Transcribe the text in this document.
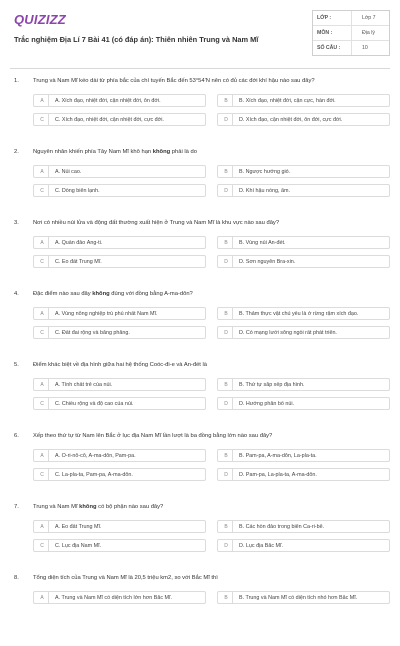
QUIZIZZ
Trắc nghiệm Địa Lí 7 Bài 41 (có đáp án): Thiên nhiên Trung và Nam Mĩ
LỚP :	Lớp 7
MÔN :	Địa lý
SỐ CÂU :	10
1. Trung và Nam Mĩ kéo dài từ phía bắc của chí tuyến Bắc đến 53°54'N nên có đủ các đới khí hậu nào sau đây?
A	A. Xích đạo, nhiệt đới, cận nhiệt đới, ôn đới.	B	B. Xích đạo, nhiệt đới, cận cực, hàn đới.
C	C. Xích đạo, nhiệt đới, cận nhiệt đới, cực đới.	D	D. Xích đạo, cận nhiệt đới, ôn đới, cực đới.
2. Nguyên nhân khiến phía Tây Nam Mĩ khô hạn không phải là do
A	A. Núi cao.	B	B. Ngược hướng gió.
C	C. Dòng biển lạnh.	D	D. Khí hậu nóng, ẩm.
3. Nơi có nhiều núi lửa và động đất thường xuất hiện ở Trung và Nam Mĩ là khu vực nào sau đây?
A	A. Quần đảo Ăng-ti.	B	B. Vùng núi An-đét.
C	C. Eo đất Trung Mĩ.	D	D. Sơn nguyên Bra-xin.
4. Đặc điểm nào sau đây không đúng với đồng bằng A-ma-dôn?
A	A. Vùng nông nghiệp trù phú nhất Nam Mĩ.	B	B. Thảm thực vật chủ yếu là ở rừng rậm xích đạo.
C	C. Đất đai rộng và bằng phẳng.	D	D. Có mạng lưới sông ngòi rất phát triển.
5. Điểm khác biệt về địa hình giữa hai hệ thống Coóc-đi-e và An-đét là
A	A. Tính chất trẻ của núi.	B	B. Thứ tự sắp xếp địa hình.
C	C. Chiều rộng và độ cao của núi.	D	D. Hướng phân bố núi.
6. Xếp theo thứ tự từ Nam lên Bắc ở lục địa Nam Mĩ lần lượt là ba đồng bằng lớn nào sau đây?
A	A. Ô-ri-nô-cô, A-ma-dôn, Pam-pa.	B	B. Pam-pa, A-ma-dôn, La-pla-ta.
C	C. La-pla-ta, Pam-pa, A-ma-dôn.	D	D. Pam-pa, La-pla-ta, A-ma-dôn.
7. Trung và Nam Mĩ không có bộ phận nào sau đây?
A	A. Eo đất Trung Mĩ.	B	B. Các hòn đảo trong biển Ca-ri-bê.
C	C. Lục địa Nam Mĩ.	D	D. Lục địa Bắc Mĩ.
8. Tổng diện tích của Trung và Nam Mĩ là 20,5 triệu km2, so với Bắc Mĩ thì
A	A. Trung và Nam Mĩ có diện tích lớn hơn Bắc Mĩ.	B	B. Trung và Nam Mĩ có diện tích nhỏ hơn Bắc Mĩ.
